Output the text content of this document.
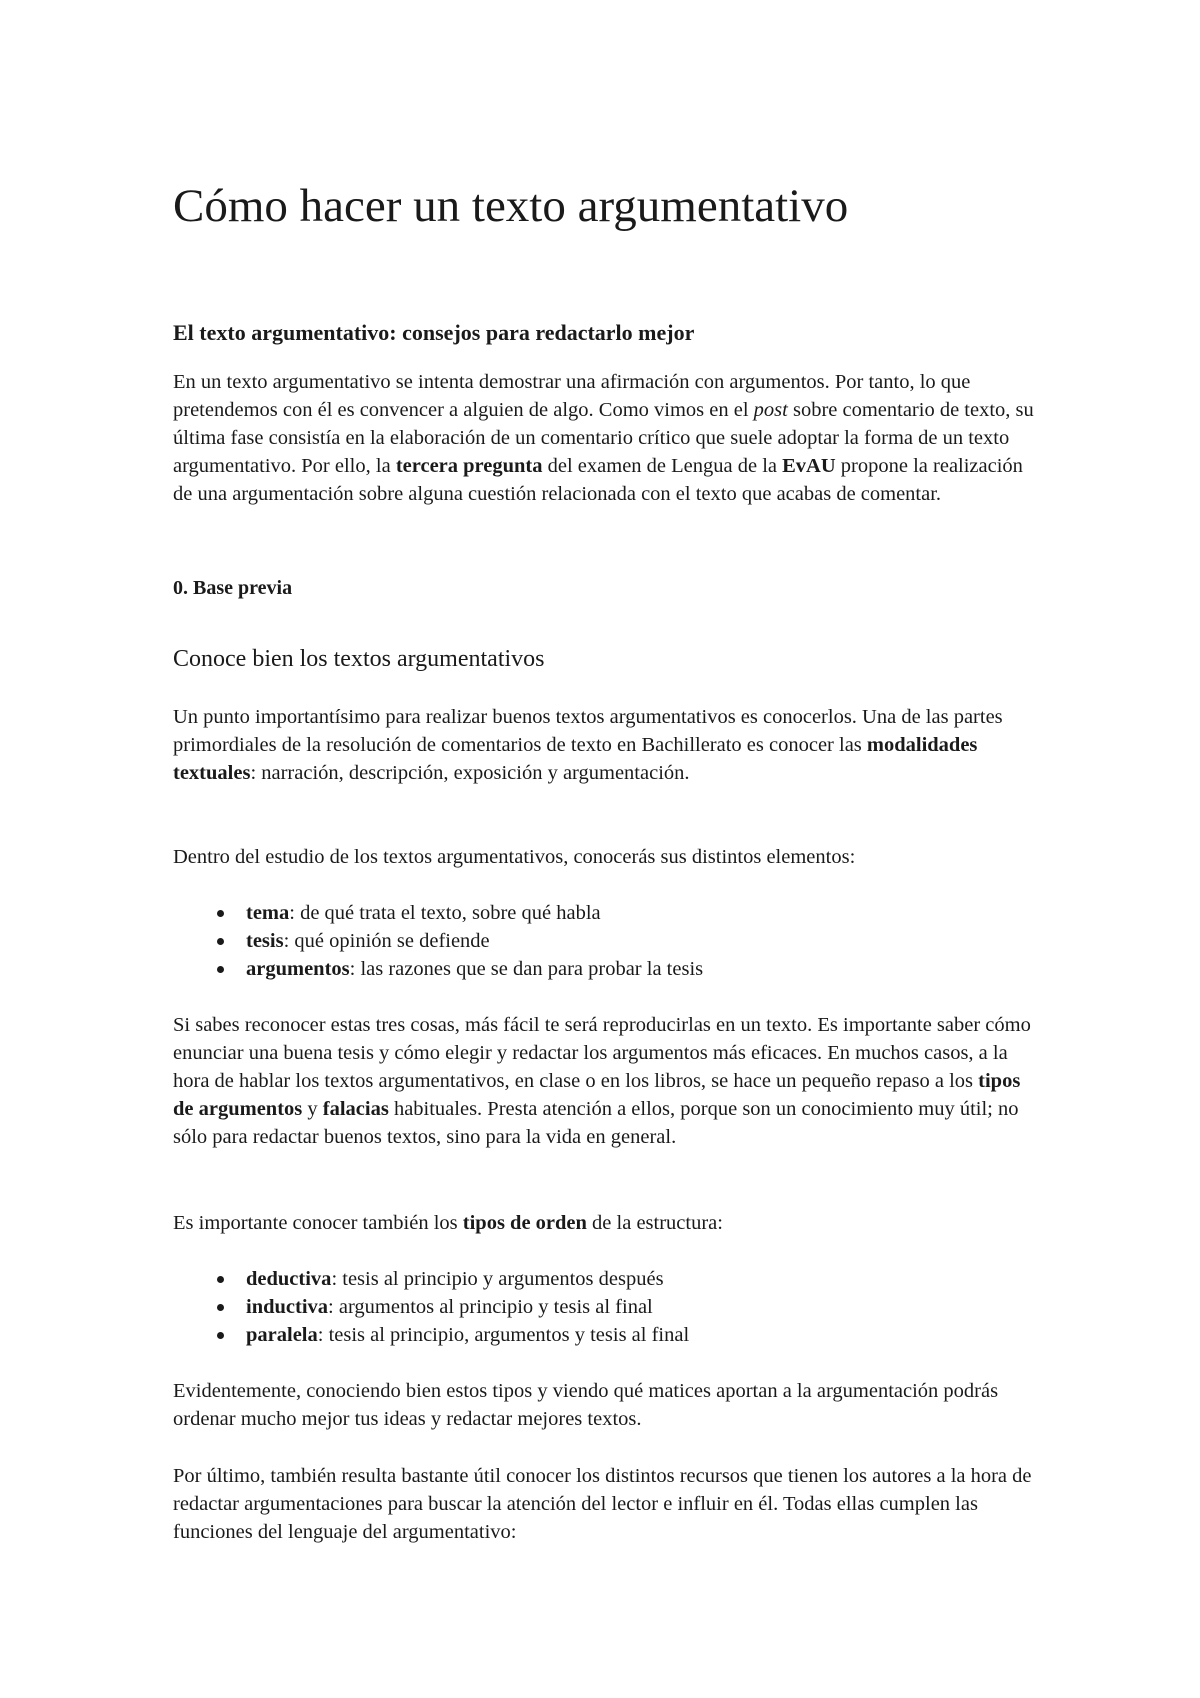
Cómo hacer un texto argumentativo
El texto argumentativo: consejos para redactarlo mejor

En un texto argumentativo se intenta demostrar una afirmación con argumentos. Por tanto, lo que pretendemos con él es convencer a alguien de algo. Como vimos en el post sobre comentario de texto, su última fase consistía en la elaboración de un comentario crítico que suele adoptar la forma de un texto argumentativo. Por ello, la tercera pregunta del examen de Lengua de la EvAU propone la realización de una argumentación sobre alguna cuestión relacionada con el texto que acabas de comentar.

0. Base previa
Conoce bien los textos argumentativos

Un punto importantísimo para realizar buenos textos argumentativos es conocerlos. Una de las partes primordiales de la resolución de comentarios de texto en Bachillerato es conocer las modalidades textuales: narración, descripción, exposición y argumentación.

Dentro del estudio de los textos argumentativos, conocerás sus distintos elementos:

tema: de qué trata el texto, sobre qué habla
tesis: qué opinión se defiende
argumentos: las razones que se dan para probar la tesis

Si sabes reconocer estas tres cosas, más fácil te será reproducirlas en un texto. Es importante saber cómo enunciar una buena tesis y cómo elegir y redactar los argumentos más eficaces. En muchos casos, a la hora de hablar los textos argumentativos, en clase o en los libros, se hace un pequeño repaso a los tipos de argumentos y falacias habituales. Presta atención a ellos, porque son un conocimiento muy útil; no sólo para redactar buenos textos, sino para la vida en general.

Es importante conocer también los tipos de orden de la estructura:

deductiva: tesis al principio y argumentos después
inductiva: argumentos al principio y tesis al final
paralela: tesis al principio, argumentos y tesis al final

Evidentemente, conociendo bien estos tipos y viendo qué matices aportan a la argumentación podrás ordenar mucho mejor tus ideas y redactar mejores textos.

Por último, también resulta bastante útil conocer los distintos recursos que tienen los autores a la hora de redactar argumentaciones para buscar la atención del lector e influir en él. Todas ellas cumplen las funciones del lenguaje del argumentativo:
